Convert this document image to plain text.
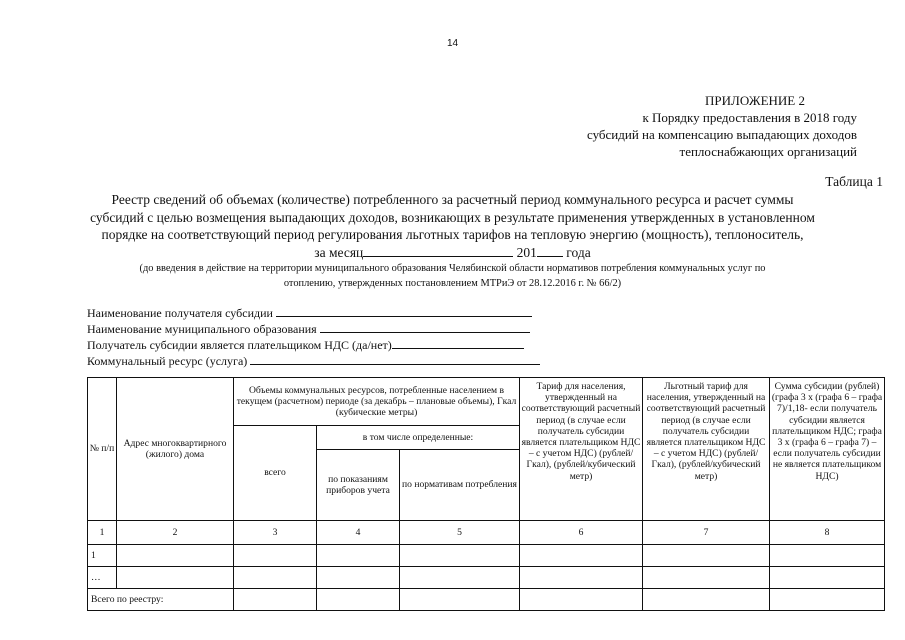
14
ПРИЛОЖЕНИЕ 2
к Порядку предоставления в 2018 году
субсидий на компенсацию выпадающих доходов
теплоснабжающих организаций
Таблица 1
Реестр сведений об объемах (количестве) потребленного за расчетный период коммунального ресурса и расчет суммы
субсидий с целью возмещения выпадающих доходов, возникающих в результате применения утвержденных в установленном
порядке на соответствующий период регулирования льготных тарифов на тепловую энергию (мощность), теплоноситель,
за месяц	201 года
(до введения в действие на территории муниципального образования Челябинской области нормативов потребления коммунальных услуг по
отоплению, утвержденных постановлением МТРиЭ от 28.12.2016 г. № 66/2)
Наименование получателя субсидии
Наименование муниципального образования
Получатель субсидии является плательщиком НДС (да/нет)
Коммунальный ресурс (услуга)
№ п/п	Адрес многоквартирного (жилого) дома	Объемы коммунальных ресурсов, потребленные населением в текущем (расчетном) периоде (за декабрь – плановые объемы), Гкал (кубические метры)			Тариф для населения, утвержденный на соответствующий расчетный период (в случае если получатель субсидии является плательщиком НДС – с учетом НДС) (рублей/Гкал), (рублей/кубический метр)	Льготный тариф для населения, утвержденный на соответствующий расчетный период (в случае если получатель субсидии является плательщиком НДС – с учетом НДС) (рублей/Гкал), (рублей/кубический метр)	Сумма субсидии (рублей) (графа 3 х (графа 6 – графа 7)/1,18- если получатель субсидии является плательщиком НДС; графа 3 х (графа 6 – графа 7) – если получатель субсидии не является плательщиком НДС)
		всего	в том числе определенные:				
			по показаниям приборов учета	по нормативам потребления			
1	2	3	4	5	6	7	8
1							
…							
Всего по реестру:							
